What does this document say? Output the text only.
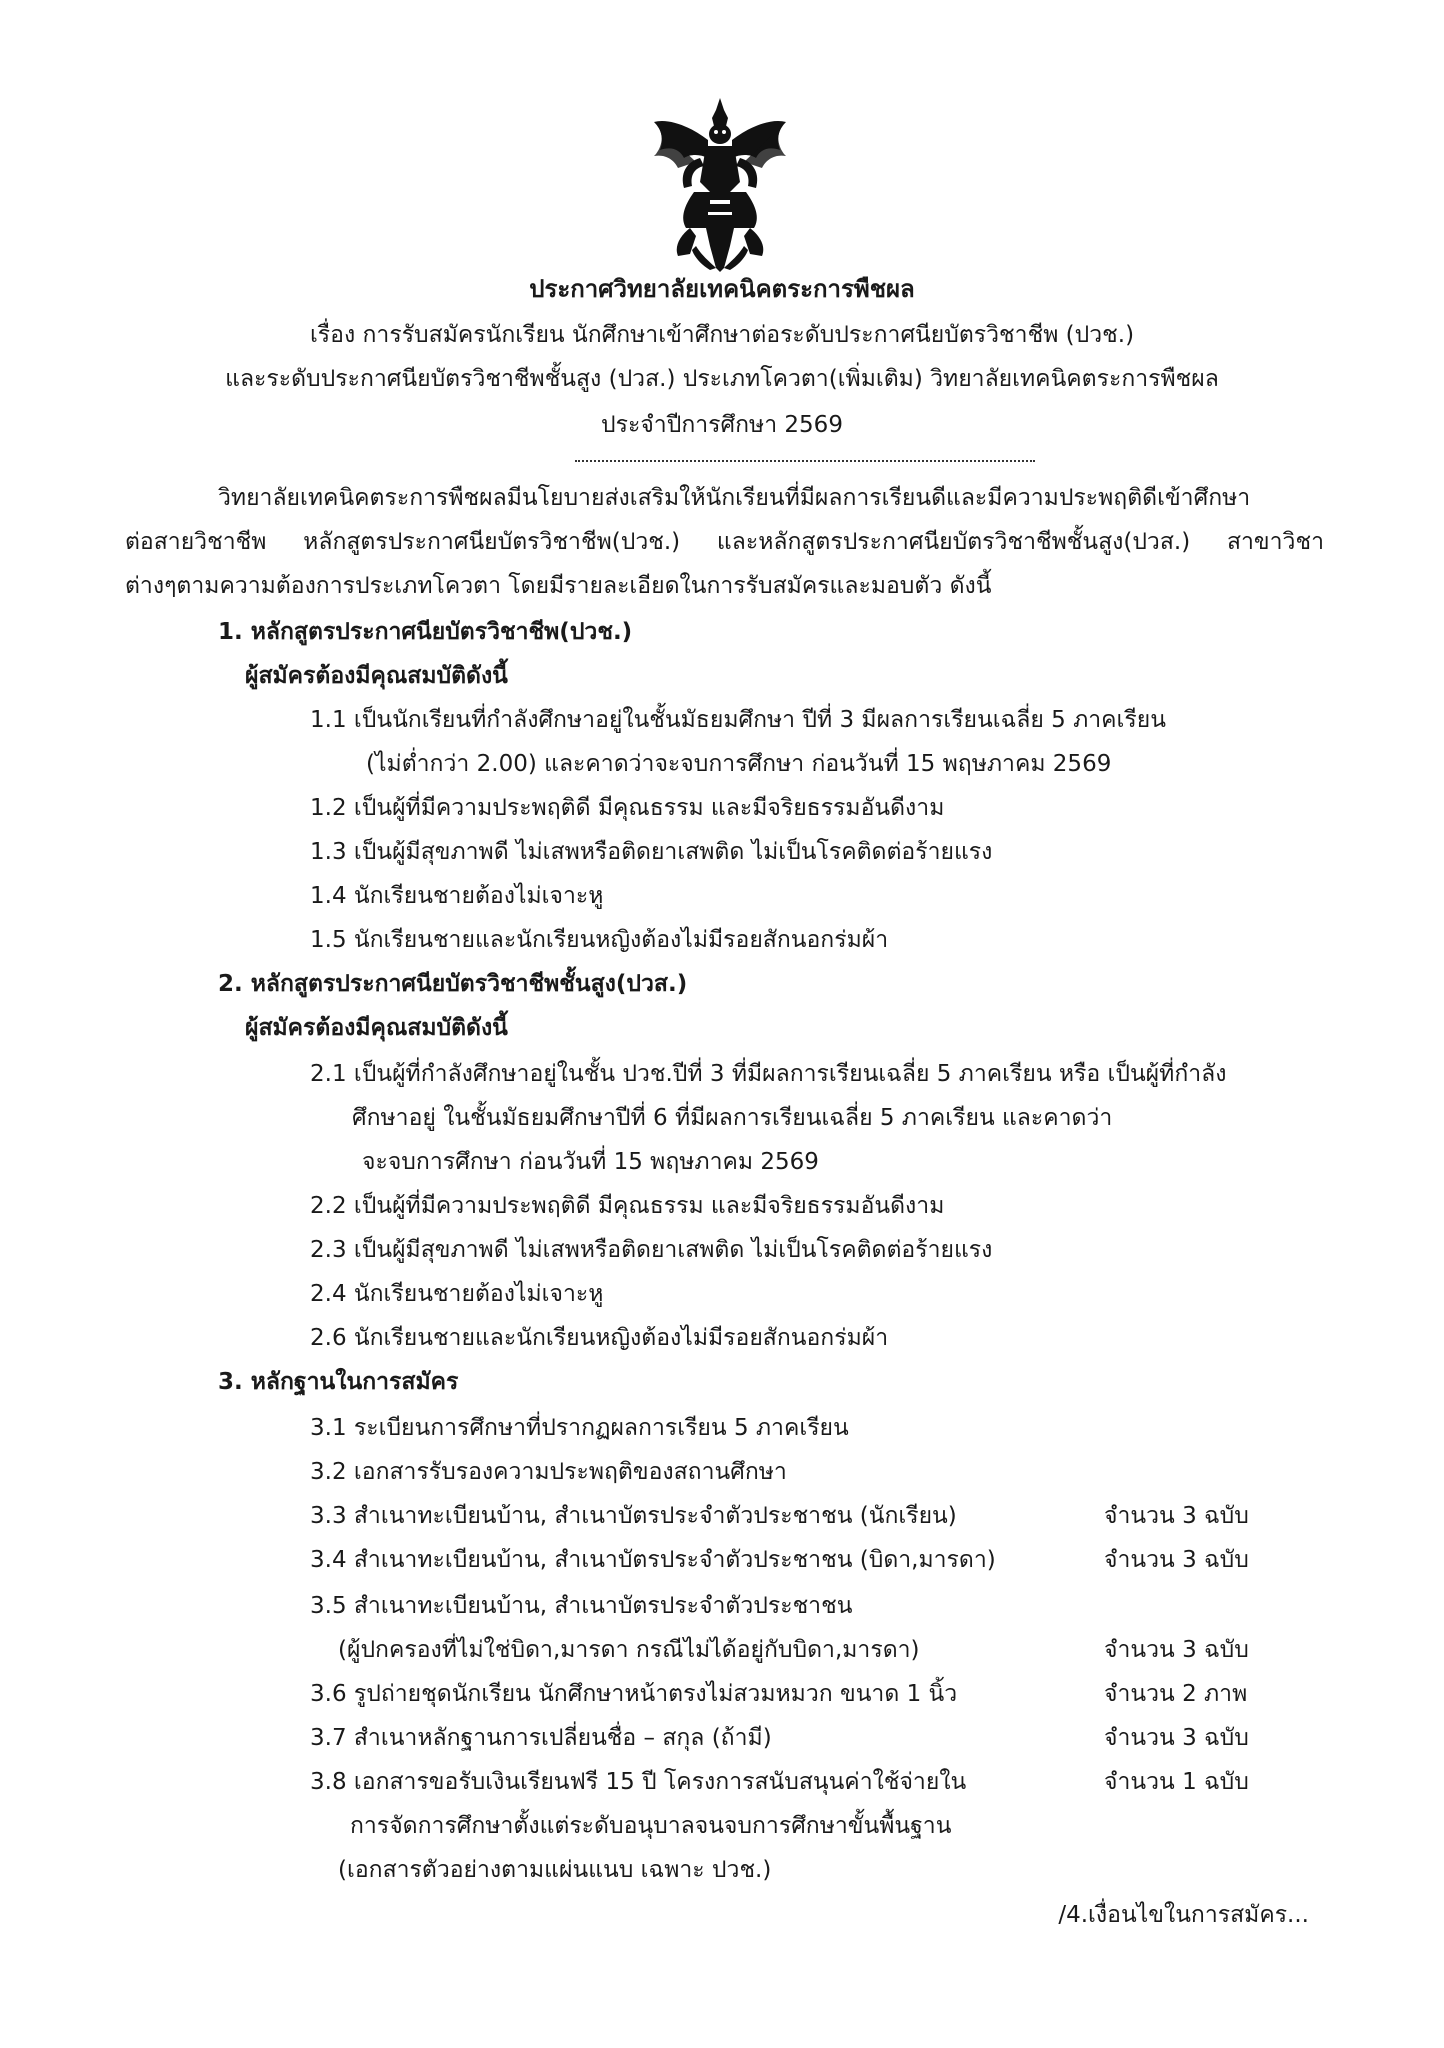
ประกาศวิทยาลัยเทคนิคตระการพืชผล
เรื่อง การรับสมัครนักเรียน นักศึกษาเข้าศึกษาต่อระดับประกาศนียบัตรวิชาชีพ (ปวช.)
และระดับประกาศนียบัตรวิชาชีพชั้นสูง (ปวส.) ประเภทโควตา(เพิ่มเติม) วิทยาลัยเทคนิคตระการพืชผล
ประจำปีการศึกษา 2569
วิทยาลัยเทคนิคตระการพืชผลมีนโยบายส่งเสริมให้นักเรียนที่มีผลการเรียนดีและมีความประพฤติดีเข้าศึกษา
ต่อสายวิชาชีพ หลักสูตรประกาศนียบัตรวิชาชีพ(ปวช.) และหลักสูตรประกาศนียบัตรวิชาชีพชั้นสูง(ปวส.) สาขาวิชา
ต่างๆตามความต้องการประเภทโควตา โดยมีรายละเอียดในการรับสมัครและมอบตัว ดังนี้
1. หลักสูตรประกาศนียบัตรวิชาชีพ(ปวช.)
ผู้สมัครต้องมีคุณสมบัติดังนี้
1.1 เป็นนักเรียนที่กำลังศึกษาอยู่ในชั้นมัธยมศึกษา ปีที่ 3 มีผลการเรียนเฉลี่ย 5 ภาคเรียน
(ไม่ต่ำกว่า 2.00) และคาดว่าจะจบการศึกษา ก่อนวันที่ 15 พฤษภาคม 2569
1.2 เป็นผู้ที่มีความประพฤติดี มีคุณธรรม และมีจริยธรรมอันดีงาม
1.3 เป็นผู้มีสุขภาพดี ไม่เสพหรือติดยาเสพติด ไม่เป็นโรคติดต่อร้ายแรง
1.4 นักเรียนชายต้องไม่เจาะหู
1.5 นักเรียนชายและนักเรียนหญิงต้องไม่มีรอยสักนอกร่มผ้า
2. หลักสูตรประกาศนียบัตรวิชาชีพชั้นสูง(ปวส.)
ผู้สมัครต้องมีคุณสมบัติดังนี้
2.1 เป็นผู้ที่กำลังศึกษาอยู่ในชั้น ปวช.ปีที่ 3 ที่มีผลการเรียนเฉลี่ย 5 ภาคเรียน หรือ เป็นผู้ที่กำลัง
ศึกษาอยู่ ในชั้นมัธยมศึกษาปีที่ 6 ที่มีผลการเรียนเฉลี่ย 5 ภาคเรียน และคาดว่า
จะจบการศึกษา ก่อนวันที่ 15 พฤษภาคม 2569
2.2 เป็นผู้ที่มีความประพฤติดี มีคุณธรรม และมีจริยธรรมอันดีงาม
2.3 เป็นผู้มีสุขภาพดี ไม่เสพหรือติดยาเสพติด ไม่เป็นโรคติดต่อร้ายแรง
2.4 นักเรียนชายต้องไม่เจาะหู
2.6 นักเรียนชายและนักเรียนหญิงต้องไม่มีรอยสักนอกร่มผ้า
3. หลักฐานในการสมัคร
3.1 ระเบียนการศึกษาที่ปรากฏผลการเรียน 5 ภาคเรียน
3.2 เอกสารรับรองความประพฤติของสถานศึกษา
3.3 สำเนาทะเบียนบ้าน, สำเนาบัตรประจำตัวประชาชน (นักเรียน)	จำนวน 3 ฉบับ
3.4 สำเนาทะเบียนบ้าน, สำเนาบัตรประจำตัวประชาชน (บิดา,มารดา)	จำนวน 3 ฉบับ
3.5 สำเนาทะเบียนบ้าน, สำเนาบัตรประจำตัวประชาชน
(ผู้ปกครองที่ไม่ใช่บิดา,มารดา กรณีไม่ได้อยู่กับบิดา,มารดา)	จำนวน 3 ฉบับ
3.6 รูปถ่ายชุดนักเรียน นักศึกษาหน้าตรงไม่สวมหมวก ขนาด 1 นิ้ว	จำนวน 2 ภาพ
3.7 สำเนาหลักฐานการเปลี่ยนชื่อ – สกุล (ถ้ามี)	จำนวน 3 ฉบับ
3.8 เอกสารขอรับเงินเรียนฟรี 15 ปี โครงการสนับสนุนค่าใช้จ่ายใน	จำนวน 1 ฉบับ
การจัดการศึกษาตั้งแต่ระดับอนุบาลจนจบการศึกษาขั้นพื้นฐาน
(เอกสารตัวอย่างตามแผ่นแนบ เฉพาะ ปวช.)
/4.เงื่อนไขในการสมัคร...
